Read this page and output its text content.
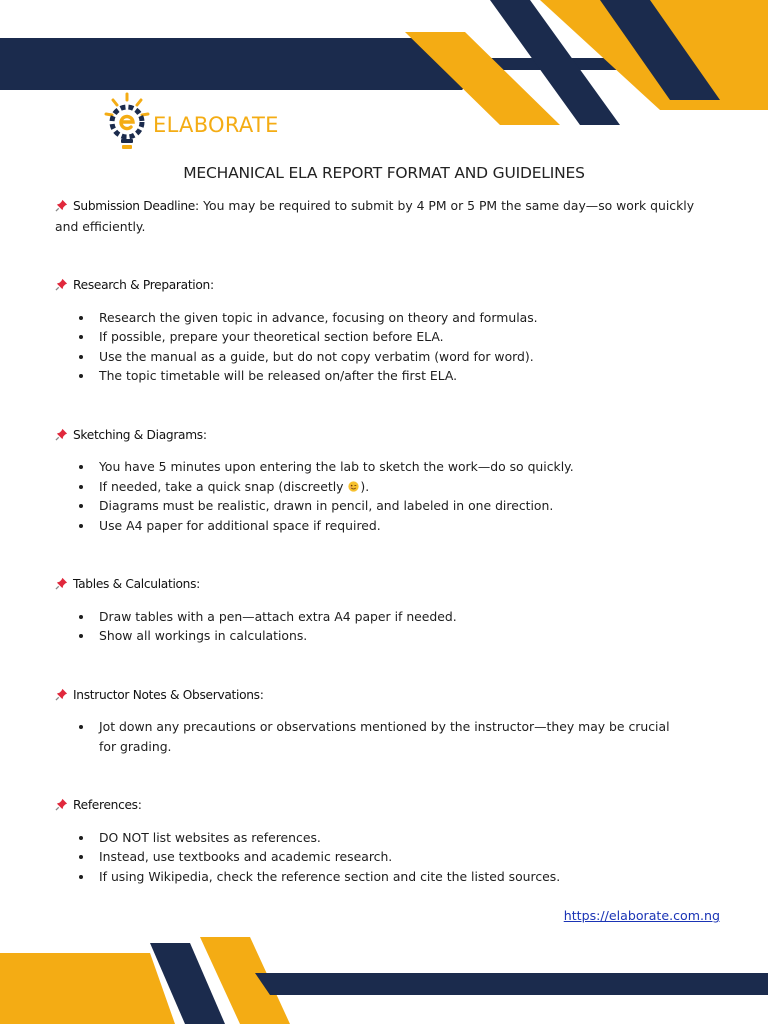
ELABORATE
MECHANICAL ELA REPORT FORMAT AND GUIDELINES

Submission Deadline: You may be required to submit by 4 PM or 5 PM the same day—so work quickly and efficiently.

Research & Preparation:

Research the given topic in advance, focusing on theory and formulas.
If possible, prepare your theoretical section before ELA.
Use the manual as a guide, but do not copy verbatim (word for word).
The topic timetable will be released on/after the first ELA.

Sketching & Diagrams:

You have 5 minutes upon entering the lab to sketch the work—do so quickly.
If needed, take a quick snap (discreetly ).
Diagrams must be realistic, drawn in pencil, and labeled in one direction.
Use A4 paper for additional space if required.

Tables & Calculations:

Draw tables with a pen—attach extra A4 paper if needed.
Show all workings in calculations.

Instructor Notes & Observations:

Jot down any precautions or observations mentioned by the instructor—they may be crucial for grading.

References:

DO NOT list websites as references.
Instead, use textbooks and academic research.
If using Wikipedia, check the reference section and cite the listed sources.
https://elaborate.com.ng
